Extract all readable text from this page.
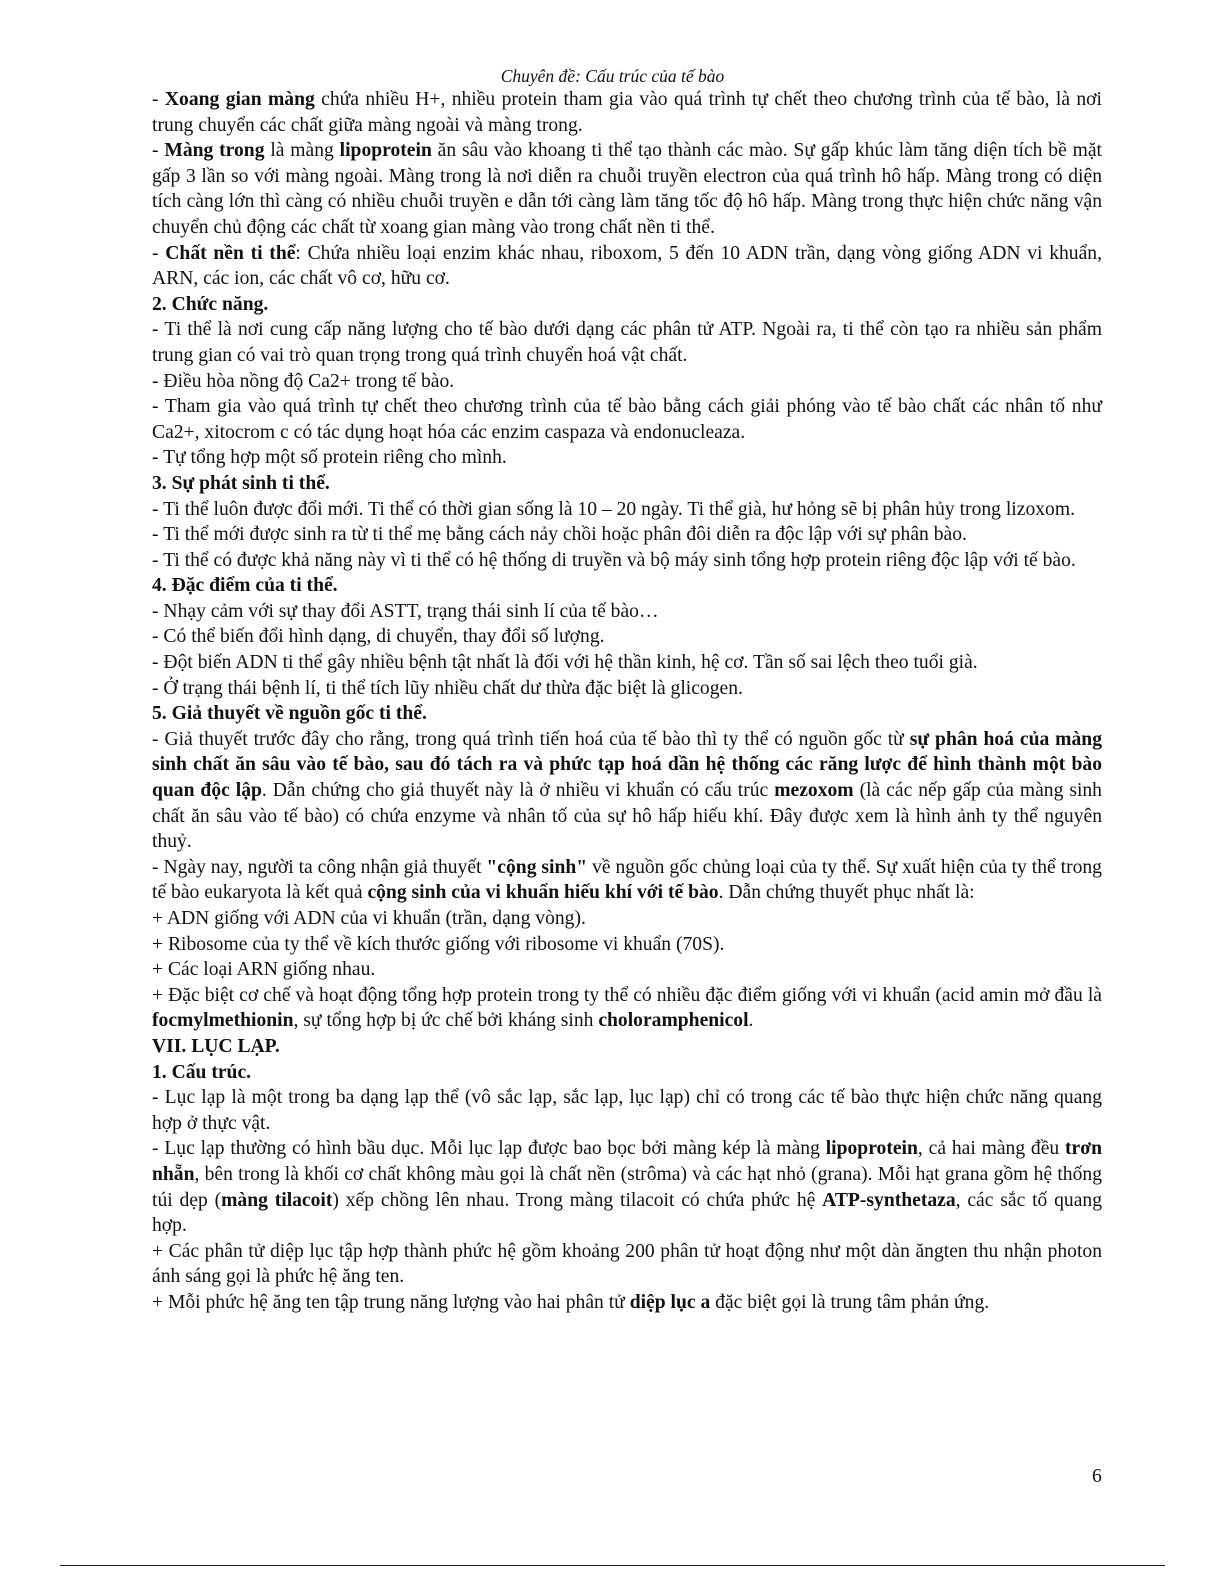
Chuyên đề: Cấu trúc của tế bào

- Xoang gian màng chứa nhiều H+, nhiều protein tham gia vào quá trình tự chết theo chương trình của tế bào, là nơi trung chuyển các chất giữa màng ngoài và màng trong.

- Màng trong là màng lipoprotein ăn sâu vào khoang ti thể tạo thành các mào. Sự gấp khúc làm tăng diện tích bề mặt gấp 3 lần so với màng ngoài. Màng trong là nơi diễn ra chuỗi truyền electron của quá trình hô hấp. Màng trong có diện tích càng lớn thì càng có nhiều chuỗi truyền e dẫn tới càng làm tăng tốc độ hô hấp. Màng trong thực hiện chức năng vận chuyển chủ động các chất từ xoang gian màng vào trong chất nền ti thể.

- Chất nền ti thể: Chứa nhiều loại enzim khác nhau, riboxom, 5 đến 10 ADN trần, dạng vòng giống ADN vi khuẩn, ARN, các ion, các chất vô cơ, hữu cơ.

2. Chức năng.

- Ti thể là nơi cung cấp năng lượng cho tế bào dưới dạng các phân tử ATP. Ngoài ra, ti thể còn tạo ra nhiều sản phẩm trung gian có vai trò quan trọng trong quá trình chuyển hoá vật chất.

- Điều hòa nồng độ Ca2+ trong tế bào.

- Tham gia vào quá trình tự chết theo chương trình của tế bào bằng cách giải phóng vào tế bào chất các nhân tố như Ca2+, xitocrom c có tác dụng hoạt hóa các enzim caspaza và endonucleaza.

- Tự tổng hợp một số protein riêng cho mình.

3. Sự phát sinh ti thể.

- Ti thể luôn được đổi mới. Ti thể có thời gian sống là 10 – 20 ngày. Ti thể già, hư hỏng sẽ bị phân hủy trong lizoxom.

- Ti thể mới được sinh ra từ ti thể mẹ bằng cách nảy chồi hoặc phân đôi diễn ra độc lập với sự phân bào.

- Ti thể có được khả năng này vì ti thể có hệ thống di truyền và bộ máy sinh tổng hợp protein riêng độc lập với tế bào.

4. Đặc điểm của ti thể.

- Nhạy cảm với sự thay đổi ASTT, trạng thái sinh lí của tế bào…

- Có thể biến đổi hình dạng, di chuyển, thay đổi số lượng.

- Đột biến ADN ti thể gây nhiều bệnh tật nhất là đối với hệ thần kinh, hệ cơ. Tần số sai lệch theo tuổi già.

- Ở trạng thái bệnh lí, ti thể tích lũy nhiều chất dư thừa đặc biệt là glicogen.

5. Giả thuyết về nguồn gốc ti thể.

- Giả thuyết trước đây cho rằng, trong quá trình tiến hoá của tế bào thì ty thể có nguồn gốc từ sự phân hoá của màng sinh chất ăn sâu vào tế bào, sau đó tách ra và phức tạp hoá dần hệ thống các răng lược để hình thành một bào quan độc lập. Dẫn chứng cho giả thuyết này là ở nhiều vi khuẩn có cấu trúc mezoxom (là các nếp gấp của màng sinh chất ăn sâu vào tế bào) có chứa enzyme và nhân tố của sự hô hấp hiếu khí. Đây được xem là hình ảnh ty thể nguyên thuỷ.

- Ngày nay, người ta công nhận giả thuyết "cộng sinh" về nguồn gốc chủng loại của ty thể. Sự xuất hiện của ty thể trong tế bào eukaryota là kết quả cộng sinh của vi khuẩn hiếu khí với tế bào. Dẫn chứng thuyết phục nhất là:

+ ADN giống với ADN của vi khuẩn (trần, dạng vòng).

+ Ribosome của ty thể về kích thước giống với ribosome vi khuẩn (70S).

+ Các loại ARN giống nhau.

+ Đặc biệt cơ chế và hoạt động tổng hợp protein trong ty thể có nhiều đặc điểm giống với vi khuẩn (acid amin mở đầu là focmylmethionin, sự tổng hợp bị ức chế bởi kháng sinh choloramphenicol.

VII. LỤC LẠP.
1. Cấu trúc.

- Lục lạp là một trong ba dạng lạp thể (vô sắc lạp, sắc lạp, lục lạp) chỉ có trong các tế bào thực hiện chức năng quang hợp ở thực vật.

- Lục lạp thường có hình bầu dục. Mỗi lục lạp được bao bọc bởi màng kép là màng lipoprotein, cả hai màng đều trơn nhẵn, bên trong là khối cơ chất không màu gọi là chất nền (strôma) và các hạt nhỏ (grana). Mỗi hạt grana gồm hệ thống túi dẹp (màng tilacoit) xếp chồng lên nhau. Trong màng tilacoit có chứa phức hệ ATP-synthetaza, các sắc tố quang hợp.

+ Các phân tử diệp lục tập hợp thành phức hệ gồm khoảng 200 phân tử hoạt động như một dàn ăngten thu nhận photon ánh sáng gọi là phức hệ ăng ten.

+ Mỗi phức hệ ăng ten tập trung năng lượng vào hai phân tử diệp lục a đặc biệt gọi là trung tâm phản ứng.

6
